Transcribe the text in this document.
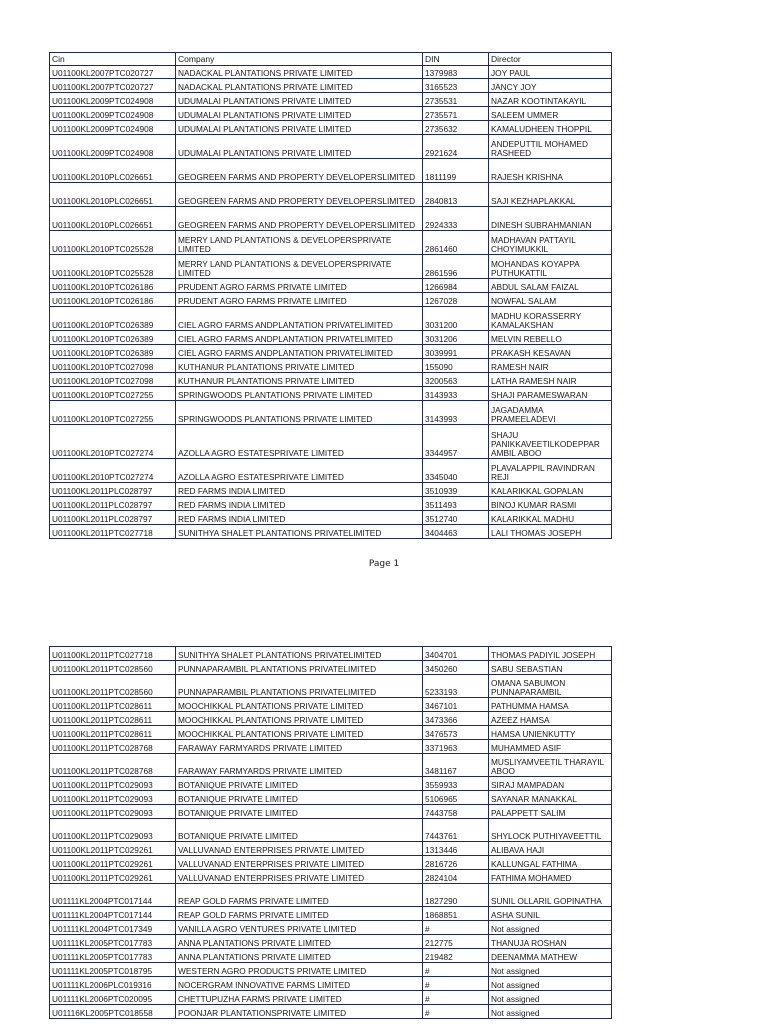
Cin	Company	DIN	Director
U01100KL2007PTC020727	NADACKAL PLANTATIONS PRIVATE LIMITED	1379983	JOY PAUL
U01100KL2007PTC020727	NADACKAL PLANTATIONS PRIVATE LIMITED	3165523	JANCY JOY
U01100KL2009PTC024908	UDUMALAI PLANTATIONS PRIVATE LIMITED	2735531	NAZAR KOOTINTAKAYIL
U01100KL2009PTC024908	UDUMALAI PLANTATIONS PRIVATE LIMITED	2735571	SALEEM UMMER
U01100KL2009PTC024908	UDUMALAI PLANTATIONS PRIVATE LIMITED	2735632	KAMALUDHEEN THOPPIL
U01100KL2009PTC024908	UDUMALAI PLANTATIONS PRIVATE LIMITED	2921624	ANDEPUTTIL MOHAMED RASHEED
U01100KL2010PLC026651	GEOGREEN FARMS AND PROPERTY DEVELOPERSLIMITED	1811199	RAJESH KRISHNA
U01100KL2010PLC026651	GEOGREEN FARMS AND PROPERTY DEVELOPERSLIMITED	2840813	SAJI KEZHAPLAKKAL
U01100KL2010PLC026651	GEOGREEN FARMS AND PROPERTY DEVELOPERSLIMITED	2924333	DINESH SUBRAHMANIAN
U01100KL2010PTC025528	MERRY LAND PLANTATIONS & DEVELOPERSPRIVATE LIMITED	2861460	MADHAVAN PATTAYIL CHOYIMUKKIL
U01100KL2010PTC025528	MERRY LAND PLANTATIONS & DEVELOPERSPRIVATE LIMITED	2861596	MOHANDAS KOYAPPA PUTHUKATTIL
U01100KL2010PTC026186	PRUDENT AGRO FARMS PRIVATE LIMITED	1266984	ABDUL SALAM FAIZAL
U01100KL2010PTC026186	PRUDENT AGRO FARMS PRIVATE LIMITED	1267028	NOWFAL SALAM
U01100KL2010PTC026389	CIEL AGRO FARMS ANDPLANTATION PRIVATELIMITED	3031200	MADHU KORASSERRY KAMALAKSHAN
U01100KL2010PTC026389	CIEL AGRO FARMS ANDPLANTATION PRIVATELIMITED	3031206	MELVIN REBELLO
U01100KL2010PTC026389	CIEL AGRO FARMS ANDPLANTATION PRIVATELIMITED	3039991	PRAKASH KESAVAN
U01100KL2010PTC027098	KUTHANUR PLANTATIONS PRIVATE LIMITED	155090	RAMESH NAIR
U01100KL2010PTC027098	KUTHANUR PLANTATIONS PRIVATE LIMITED	3200563	LATHA RAMESH NAIR
U01100KL2010PTC027255	SPRINGWOODS PLANTATIONS PRIVATE LIMITED	3143933	SHAJI PARAMESWARAN
U01100KL2010PTC027255	SPRINGWOODS PLANTATIONS PRIVATE LIMITED	3143993	JAGADAMMA PRAMEELADEVI
U01100KL2010PTC027274	AZOLLA AGRO ESTATESPRIVATE LIMITED	3344957	SHAJU PANIKKAVEETILKODEPPAR AMBIL ABOO
U01100KL2010PTC027274	AZOLLA AGRO ESTATESPRIVATE LIMITED	3345040	PLAVALAPPIL RAVINDRAN REJI
U01100KL2011PLC028797	RED FARMS INDIA LIMITED	3510939	KALARIKKAL GOPALAN
U01100KL2011PLC028797	RED FARMS INDIA LIMITED	3511493	BINOJ KUMAR RASMI
U01100KL2011PLC028797	RED FARMS INDIA LIMITED	3512740	KALARIKKAL MADHU
U01100KL2011PTC027718	SUNITHYA SHALET PLANTATIONS PRIVATELIMITED	3404463	LALI THOMAS JOSEPH
Page 1
U01100KL2011PTC027718	SUNITHYA SHALET PLANTATIONS PRIVATELIMITED	3404701	THOMAS PADIYIL JOSEPH
U01100KL2011PTC028560	PUNNAPARAMBIL PLANTATIONS PRIVATELIMITED	3450260	SABU SEBASTIAN
U01100KL2011PTC028560	PUNNAPARAMBIL PLANTATIONS PRIVATELIMITED	5233193	OMANA SABUMON PUNNAPARAMBIL
U01100KL2011PTC028611	MOOCHIKKAL PLANTATIONS PRIVATE LIMITED	3467101	PATHUMMA HAMSA
U01100KL2011PTC028611	MOOCHIKKAL PLANTATIONS PRIVATE LIMITED	3473366	AZEEZ HAMSA
U01100KL2011PTC028611	MOOCHIKKAL PLANTATIONS PRIVATE LIMITED	3476573	HAMSA UNIENKUTTY
U01100KL2011PTC028768	FARAWAY FARMYARDS PRIVATE LIMITED	3371963	MUHAMMED ASIF
U01100KL2011PTC028768	FARAWAY FARMYARDS PRIVATE LIMITED	3481167	MUSLIYAMVEETIL THARAYIL ABOO
U01100KL2011PTC029093	BOTANIQUE PRIVATE LIMITED	3559933	SIRAJ MAMPADAN
U01100KL2011PTC029093	BOTANIQUE PRIVATE LIMITED	5106965	SAYANAR MANAKKAL
U01100KL2011PTC029093	BOTANIQUE PRIVATE LIMITED	7443758	PALAPPETT SALIM
U01100KL2011PTC029093	BOTANIQUE PRIVATE LIMITED	7443761	SHYLOCK PUTHIYAVEETTIL
U01100KL2011PTC029261	VALLUVANAD ENTERPRISES PRIVATE LIMITED	1313446	ALIBAVA HAJI
U01100KL2011PTC029261	VALLUVANAD ENTERPRISES PRIVATE LIMITED	2816726	KALLUNGAL FATHIMA
U01100KL2011PTC029261	VALLUVANAD ENTERPRISES PRIVATE LIMITED	2824104	FATHIMA MOHAMED
U01111KL2004PTC017144	REAP GOLD FARMS PRIVATE LIMITED	1827290	SUNIL OLLARIL GOPINATHA
U01111KL2004PTC017144	REAP GOLD FARMS PRIVATE LIMITED	1868851	ASHA SUNIL
U01111KL2004PTC017349	VANILLA AGRO VENTURES PRIVATE LIMITED	#	Not assigned
U01111KL2005PTC017783	ANNA PLANTATIONS PRIVATE LIMITED	212775	THANUJA ROSHAN
U01111KL2005PTC017783	ANNA PLANTATIONS PRIVATE LIMITED	219482	DEENAMMA MATHEW
U01111KL2005PTC018795	WESTERN AGRO PRODUCTS PRIVATE LIMITED	#	Not assigned
U01111KL2006PLC019316	NOCERGRAM INNOVATIVE FARMS LIMITED	#	Not assigned
U01111KL2006PTC020095	CHETTUPUZHA FARMS PRIVATE LIMITED	#	Not assigned
U01116KL2005PTC018558	POONJAR PLANTATIONSPRIVATE LIMITED	#	Not assigned
